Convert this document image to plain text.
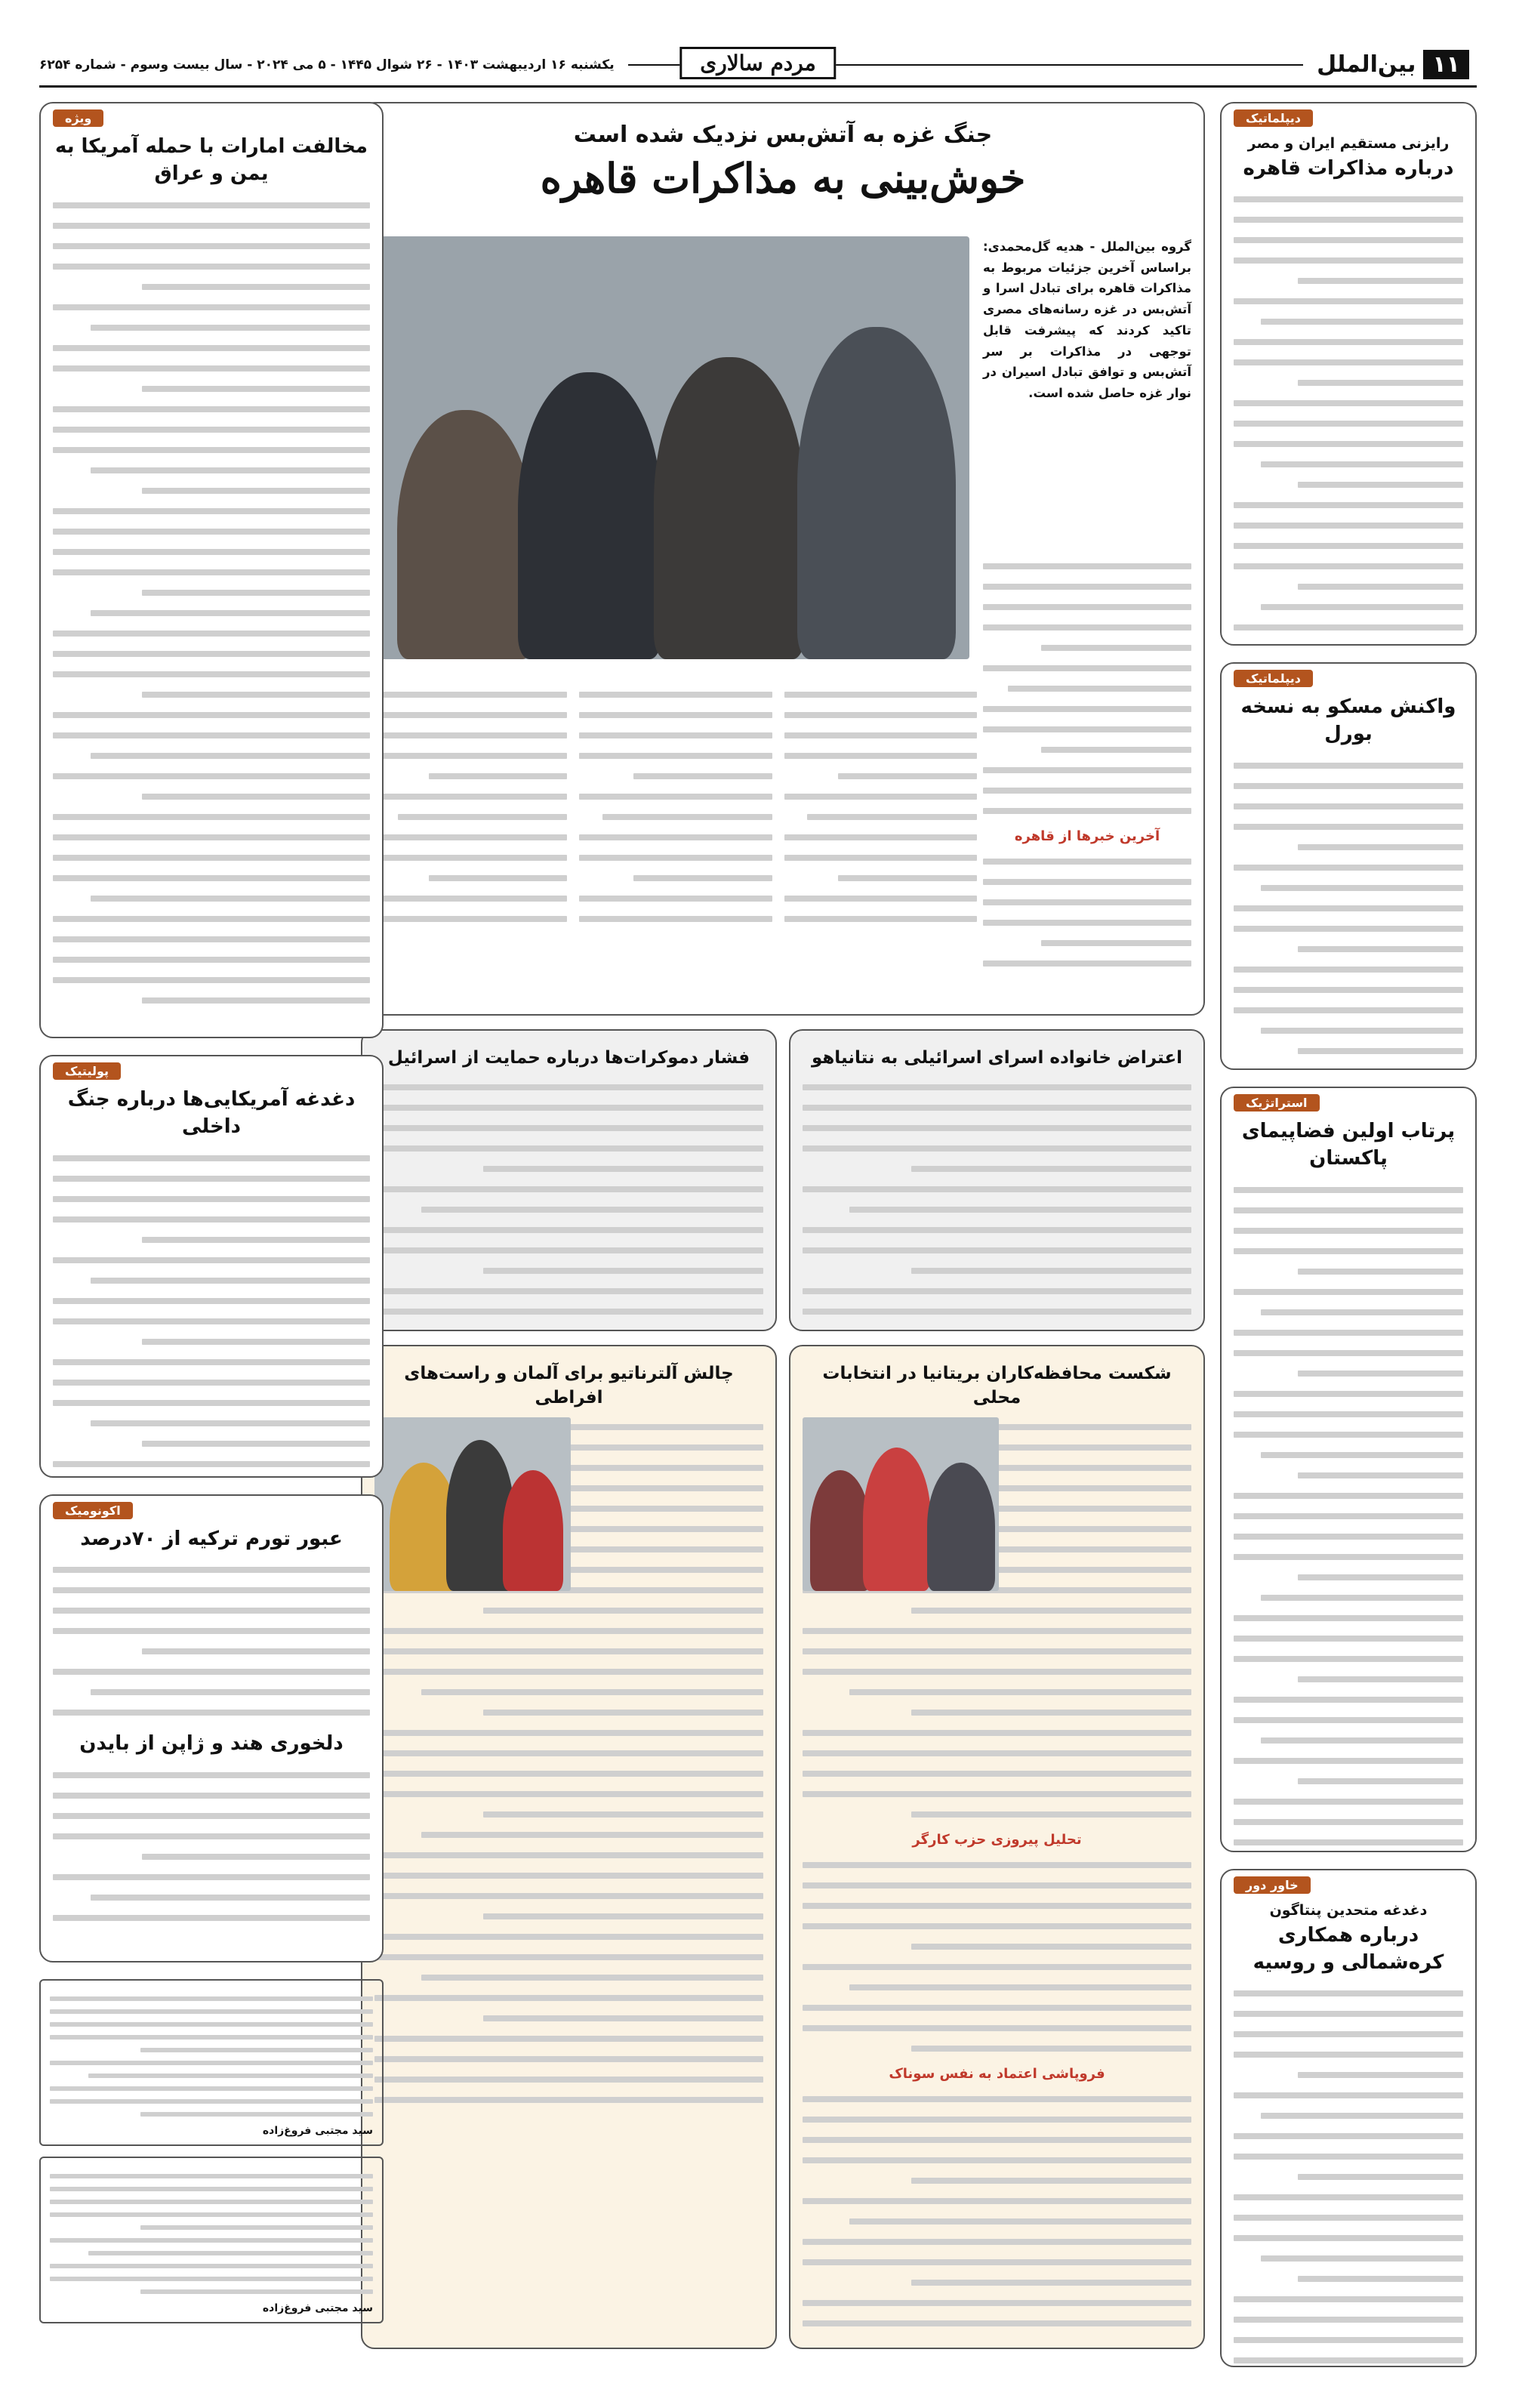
۱۱
بین‌الملل
یکشنبه ۱۶ اردیبهشت ۱۴۰۳ - ۲۶ شوال ۱۴۴۵ - ۵ می ۲۰۲۴ - سال بیست وسوم - شماره ۶۲۵۴	مردم سالاری
دیپلماتیک
رایزنی مستقیم ایران و مصر
درباره مذاکرات قاهره
دیپلماتیک
واکنش مسکو به نسخه بورل
استراتژیک
پرتاب اولین فضاپیمای پاکستان
خاور دور
دغدغه متحدین پنتاگون
درباره همکاری کره‌شمالی و روسیه
جنگ غزه به آتش‌بس نزدیک شده است
خوش‌بینی به مذاکرات قاهره
گروه بین‌الملل - هدیه گل‌محمدی: براساس آخرین جزئیات مربوط به مذاکرات قاهره برای تبادل اسرا و آتش‌بس در غزه رسانه‌های مصری تاکید کردند که پیشرفت قابل توجهی در مذاکرات بر سر آتش‌بس و توافق تبادل اسیران در نوار غزه حاصل شده است.
آخرین خبرها از قاهره
اعتراض خانواده اسرای اسرائیلی به نتانیاهو
فشار دموکرات‌ها درباره حمایت از اسرائیل
شکست محافظه‌کاران بریتانیا در انتخابات محلی
تحلیل پیروزی حزب کارگر
فروپاشی اعتماد به نفس سوناک
چالش آلترناتیو برای آلمان و راست‌های افراطی
ویژه
مخالفت امارات با حمله آمریکا به یمن و عراق
پولیتیک
دغدغه آمریکایی‌ها درباره جنگ داخلی
اکونومیک
عبور تورم ترکیه از ۷۰درصد
دلخوری هند و ژاپن از بایدن
سید مجتبی فروغ‌زاده
سید مجتبی فروغ‌زاده
